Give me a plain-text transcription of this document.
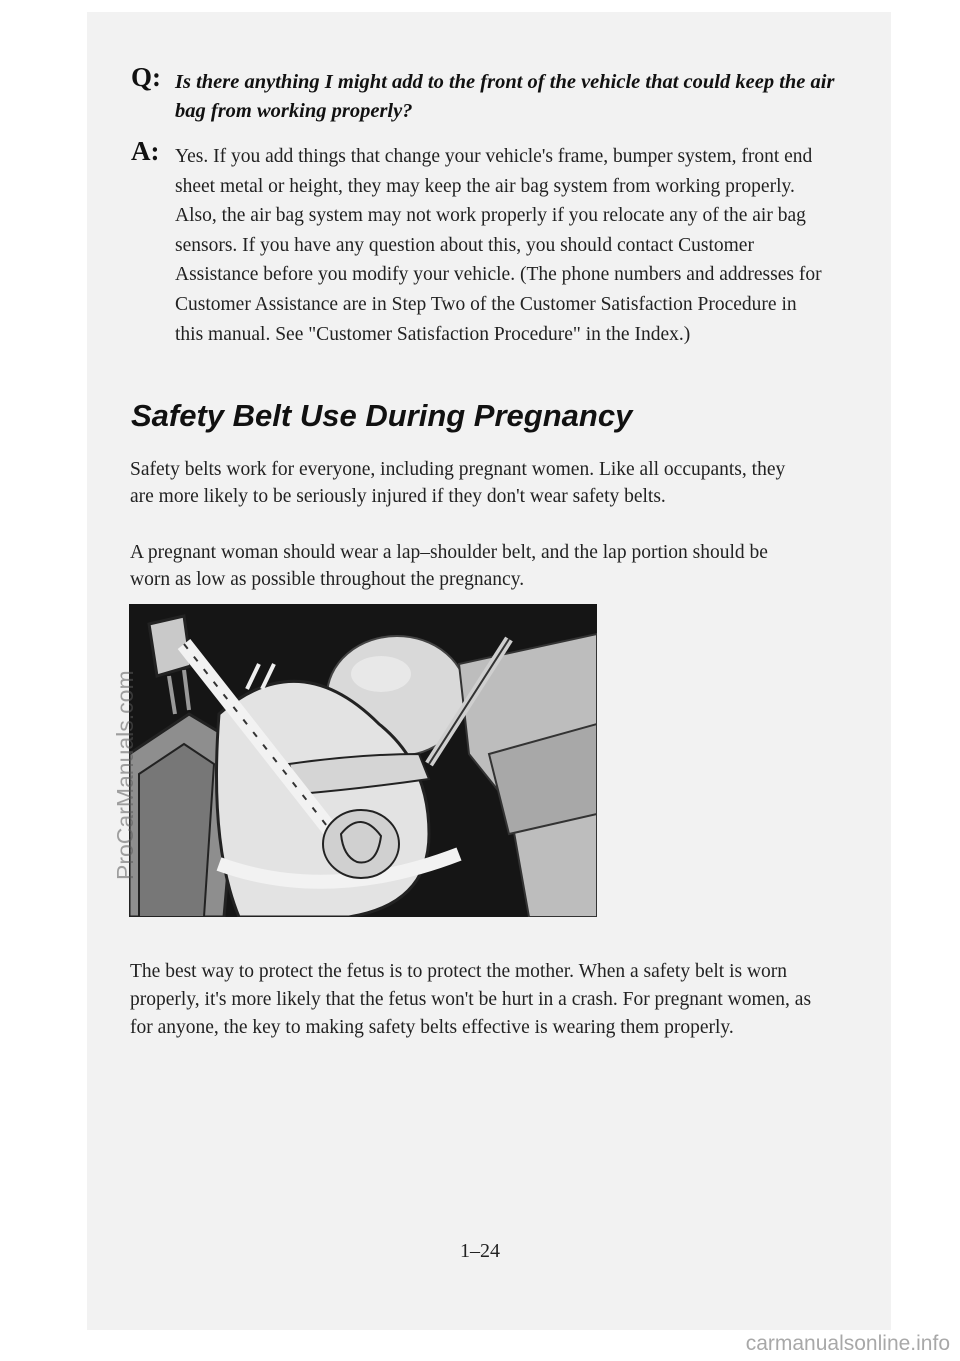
Q: Is there anything I might add to the front of the vehicle that could keep the air bag from working properly?
A: Yes. If you add things that change your vehicle's frame, bumper system, front end sheet metal or height, they may keep the air bag system from working properly. Also, the air bag system may not work properly if you relocate any of the air bag sensors. If you have any question about this, you should contact Customer Assistance before you modify your vehicle. (The phone numbers and addresses for Customer Assistance are in Step Two of the Customer Satisfaction Procedure in this manual. See "Customer Satisfaction Procedure" in the Index.)
Safety Belt Use During Pregnancy
Safety belts work for everyone, including pregnant women. Like all occupants, they are more likely to be seriously injured if they don't wear safety belts.
A pregnant woman should wear a lap–shoulder belt, and the lap portion should be worn as low as possible throughout the pregnancy.
The best way to protect the fetus is to protect the mother. When a safety belt is worn properly, it's more likely that the fetus won't be hurt in a crash. For pregnant women, as for anyone, the key to making safety belts effective is wearing them properly.
1–24
ProCarManuals.com
carmanualsonline.info
